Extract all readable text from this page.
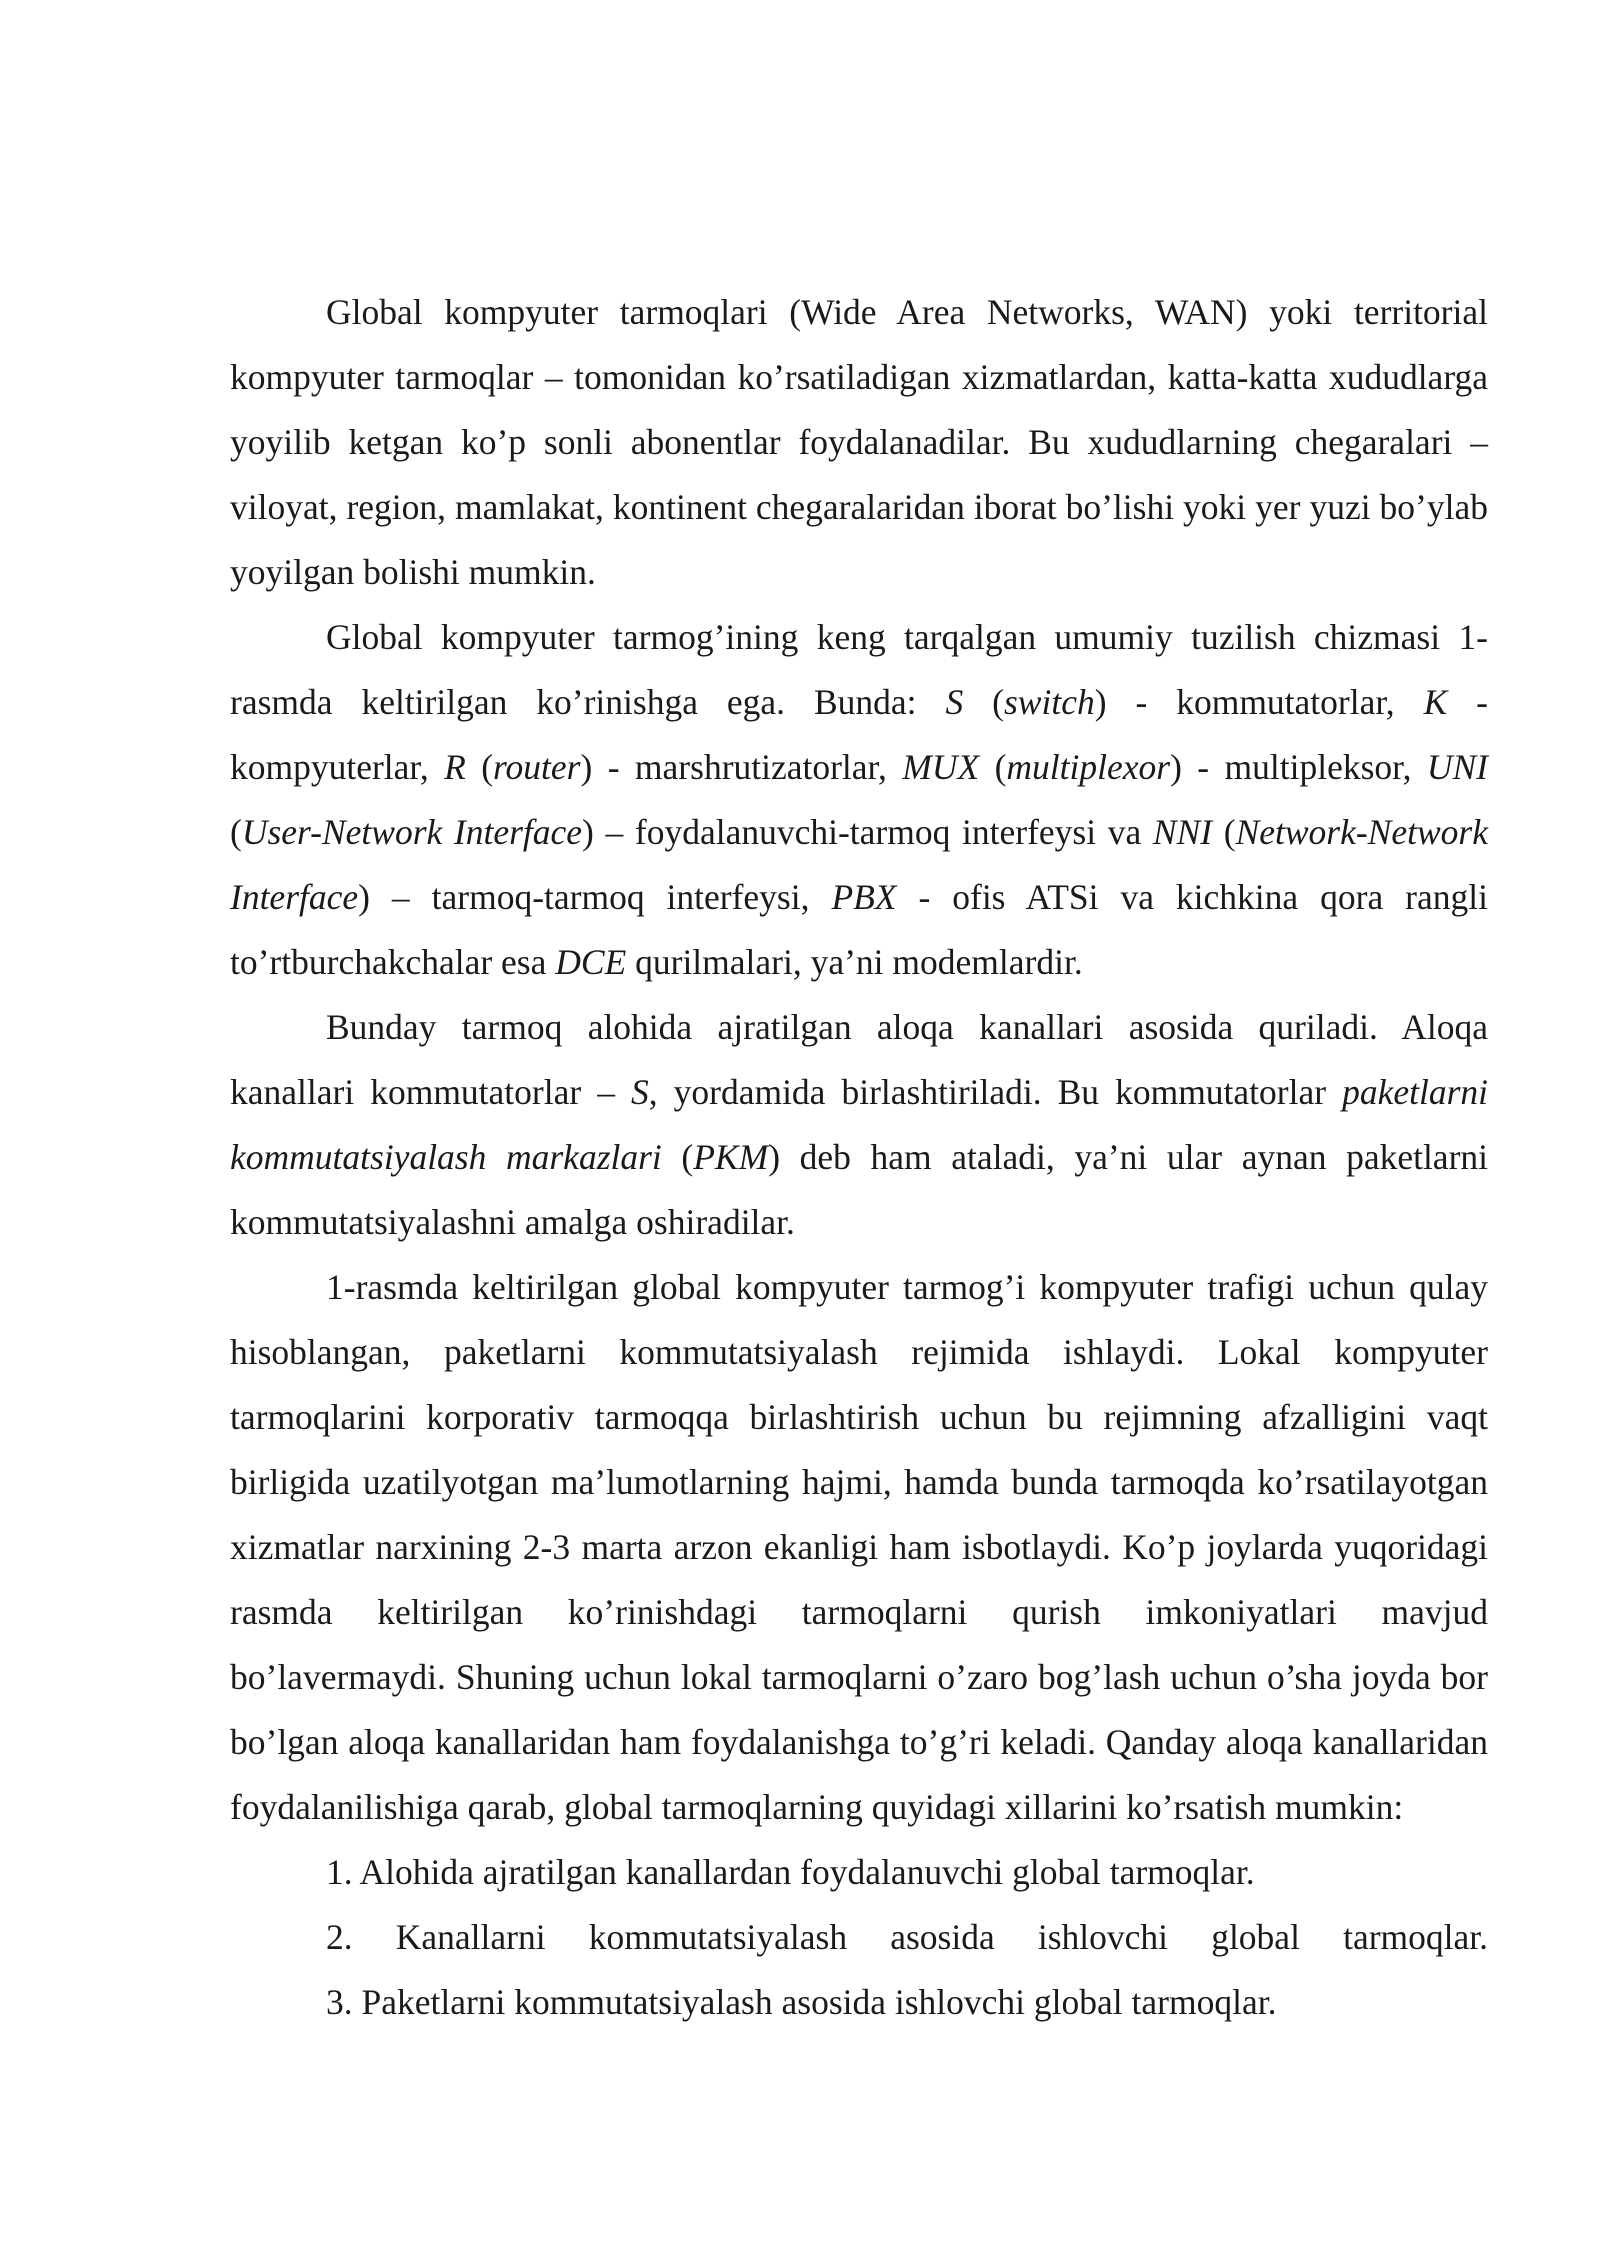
Global kompyuter tarmoqlari (Wide Area Networks, WAN) yoki territorial kompyuter tarmoqlar – tomonidan ko’rsatiladigan xizmatlardan, katta-katta xududlarga yoyilib ketgan ko’p sonli abonentlar foydalanadilar. Bu xududlarning chegaralari – viloyat, region, mamlakat, kontinent chegaralaridan iborat bo’lishi yoki yer yuzi bo’ylab yoyilgan bolishi mumkin.

Global kompyuter tarmog’ining keng tarqalgan umumiy tuzilish chizmasi 1-rasmda keltirilgan ko’rinishga ega. Bunda: S (switch) - kommutatorlar, K - kompyuterlar, R (router) - marshrutizatorlar, MUX (multiplexor) - multipleksor, UNI (User-Network Interface) – foydalanuvchi-tarmoq interfeysi va NNI (Network-Network Interface) – tarmoq-tarmoq interfeysi, PBX - ofis ATSi va kichkina qora rangli to’rtburchakchalar esa DCE qurilmalari, ya’ni modemlardir.

Bunday tarmoq alohida ajratilgan aloqa kanallari asosida quriladi. Aloqa kanallari kommutatorlar – S, yordamida birlashtiriladi. Bu kommutatorlar paketlarni kommutatsiyalash markazlari (PKM) deb ham ataladi, ya’ni ular aynan paketlarni kommutatsiyalashni amalga oshiradilar.

1-rasmda keltirilgan global kompyuter tarmog’i kompyuter trafigi uchun qulay hisoblangan, paketlarni kommutatsiyalash rejimida ishlaydi. Lokal kompyuter tarmoqlarini korporativ tarmoqqa birlashtirish uchun bu rejimning afzalligini vaqt birligida uzatilyotgan ma’lumotlarning hajmi, hamda bunda tarmoqda ko’rsatilayotgan xizmatlar narxining 2-3 marta arzon ekanligi ham isbotlaydi. Ko’p joylarda yuqoridagi rasmda keltirilgan ko’rinishdagi tarmoqlarni qurish imkoniyatlari mavjud bo’lavermaydi. Shuning uchun lokal tarmoqlarni o’zaro bog’lash uchun o’sha joyda bor bo’lgan aloqa kanallaridan ham foydalanishga to’g’ri keladi. Qanday aloqa kanallaridan foydalanilishiga qarab, global tarmoqlarning quyidagi xillarini ko’rsatish mumkin:

1. Alohida ajratilgan kanallardan foydalanuvchi global tarmoqlar.
2. Kanallarni kommutatsiyalash asosida ishlovchi global tarmoqlar.
3. Paketlarni kommutatsiyalash asosida ishlovchi global tarmoqlar.
